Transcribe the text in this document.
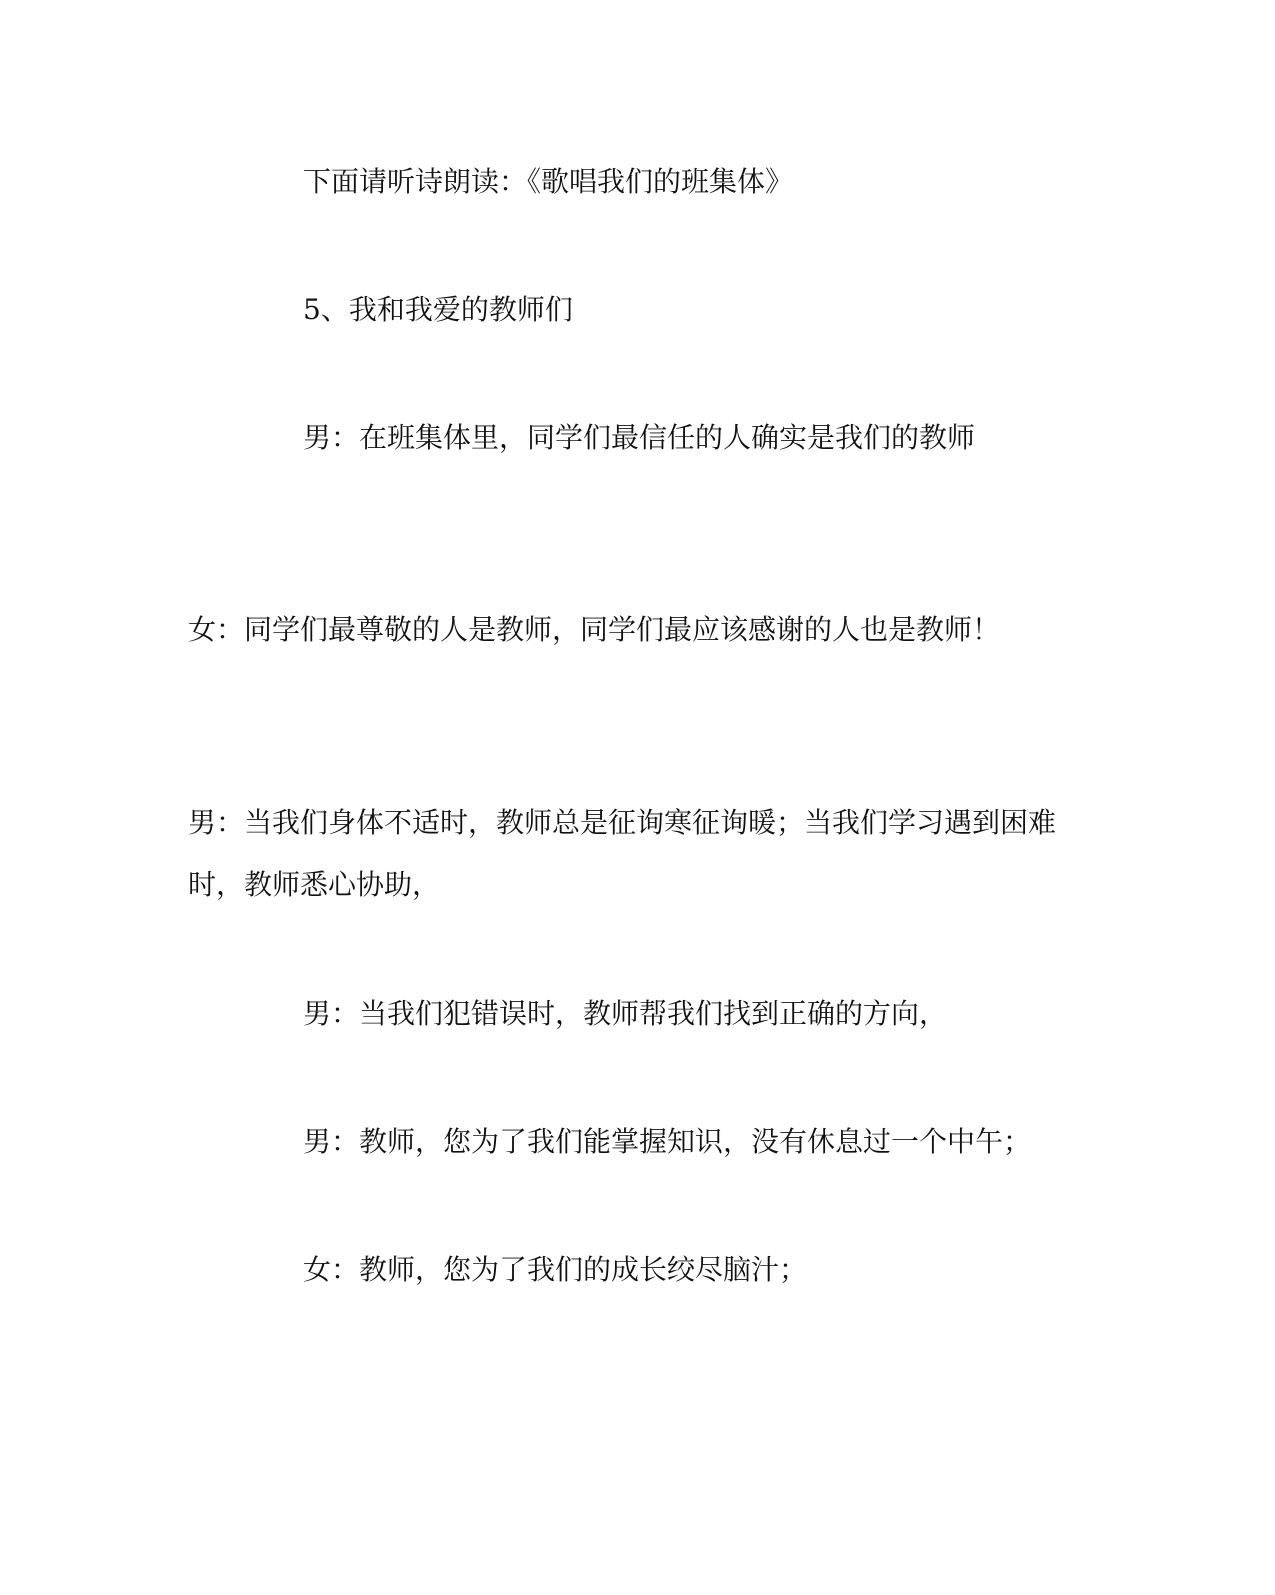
下面请听诗朗读：《歌唱我们的班集体》

5、我和我爱的教师们

男：在班集体里，同学们最信任的人确实是我们的教师

女：同学们最尊敬的人是教师，同学们最应该感谢的人也是教师！

男：当我们身体不适时，教师总是征询寒征询暖；当我们学习遇到困难时，教师悉心协助，

男：当我们犯错误时，教师帮我们找到正确的方向，

男：教师，您为了我们能掌握知识，没有休息过一个中午；

女：教师，您为了我们的成长绞尽脑汁；
